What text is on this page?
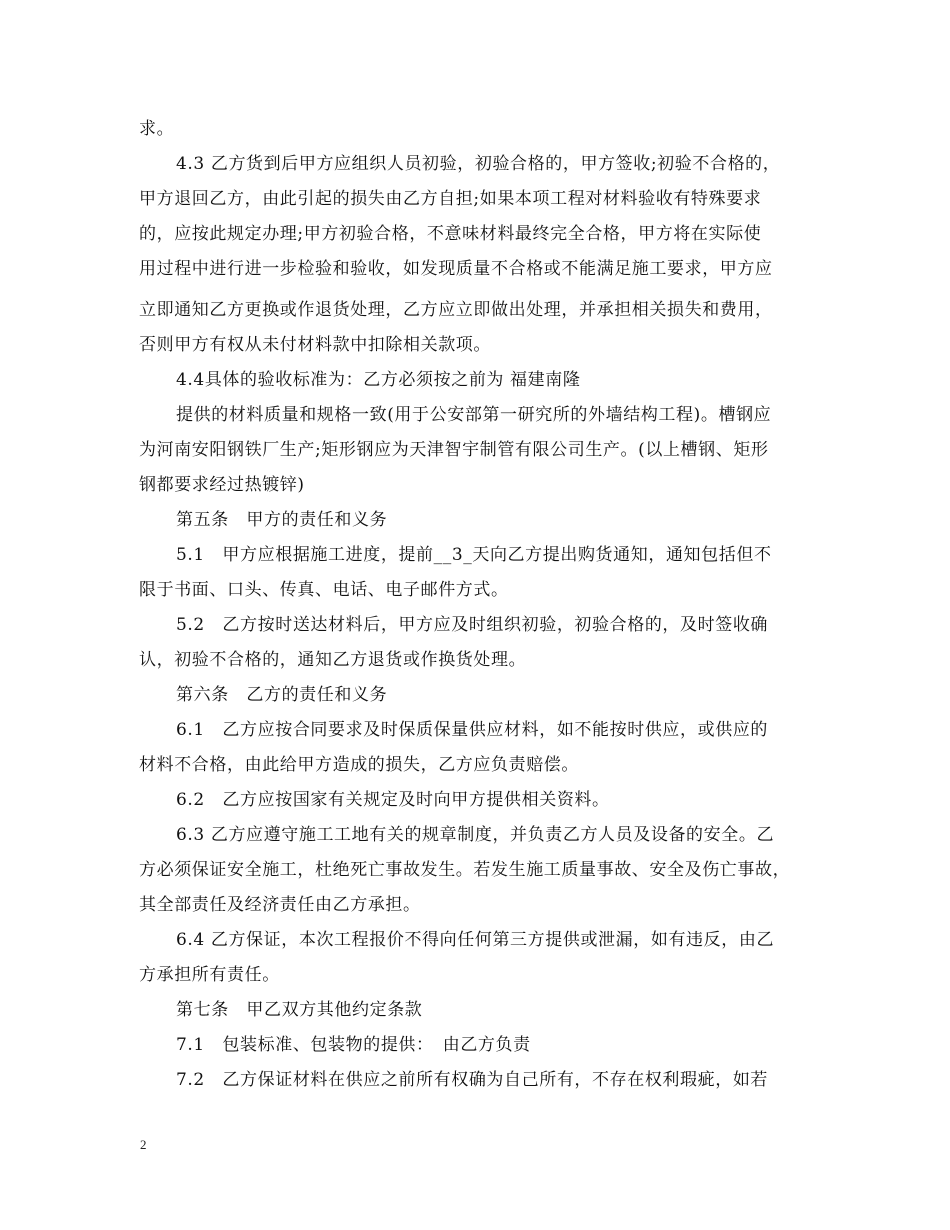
求。
4.3 乙方货到后甲方应组织人员初验，初验合格的，甲方签收;初验不合格的，
甲方退回乙方，由此引起的损失由乙方自担;如果本项工程对材料验收有特殊要求
的，应按此规定办理;甲方初验合格，不意味材料最终完全合格，甲方将在实际使
用过程中进行进一步检验和验收，如发现质量不合格或不能满足施工要求，甲方应
立即通知乙方更换或作退货处理，乙方应立即做出处理，并承担相关损失和费用，
否则甲方有权从未付材料款中扣除相关款项。
4.4具体的验收标准为：乙方必须按之前为 福建南隆
提供的材料质量和规格一致(用于公安部第一研究所的外墙结构工程)。槽钢应
为河南安阳钢铁厂生产;矩形钢应为天津智宇制管有限公司生产。(以上槽钢、矩形
钢都要求经过热镀锌)
第五条　甲方的责任和义务
5.1　甲方应根据施工进度，提前__3_天向乙方提出购货通知，通知包括但不
限于书面、口头、传真、电话、电子邮件方式。
5.2　乙方按时送达材料后，甲方应及时组织初验，初验合格的，及时签收确
认，初验不合格的，通知乙方退货或作换货处理。
第六条　乙方的责任和义务
6.1　乙方应按合同要求及时保质保量供应材料，如不能按时供应，或供应的
材料不合格，由此给甲方造成的损失，乙方应负责赔偿。
6.2　乙方应按国家有关规定及时向甲方提供相关资料。
6.3 乙方应遵守施工工地有关的规章制度，并负责乙方人员及设备的安全。乙
方必须保证安全施工，杜绝死亡事故发生。若发生施工质量事故、安全及伤亡事故，
其全部责任及经济责任由乙方承担。
6.4 乙方保证，本次工程报价不得向任何第三方提供或泄漏，如有违反，由乙
方承担所有责任。
第七条　甲乙双方其他约定条款
7.1　包装标准、包装物的提供：　由乙方负责
7.2　乙方保证材料在供应之前所有权确为自己所有，不存在权利瑕疵，如若
2
